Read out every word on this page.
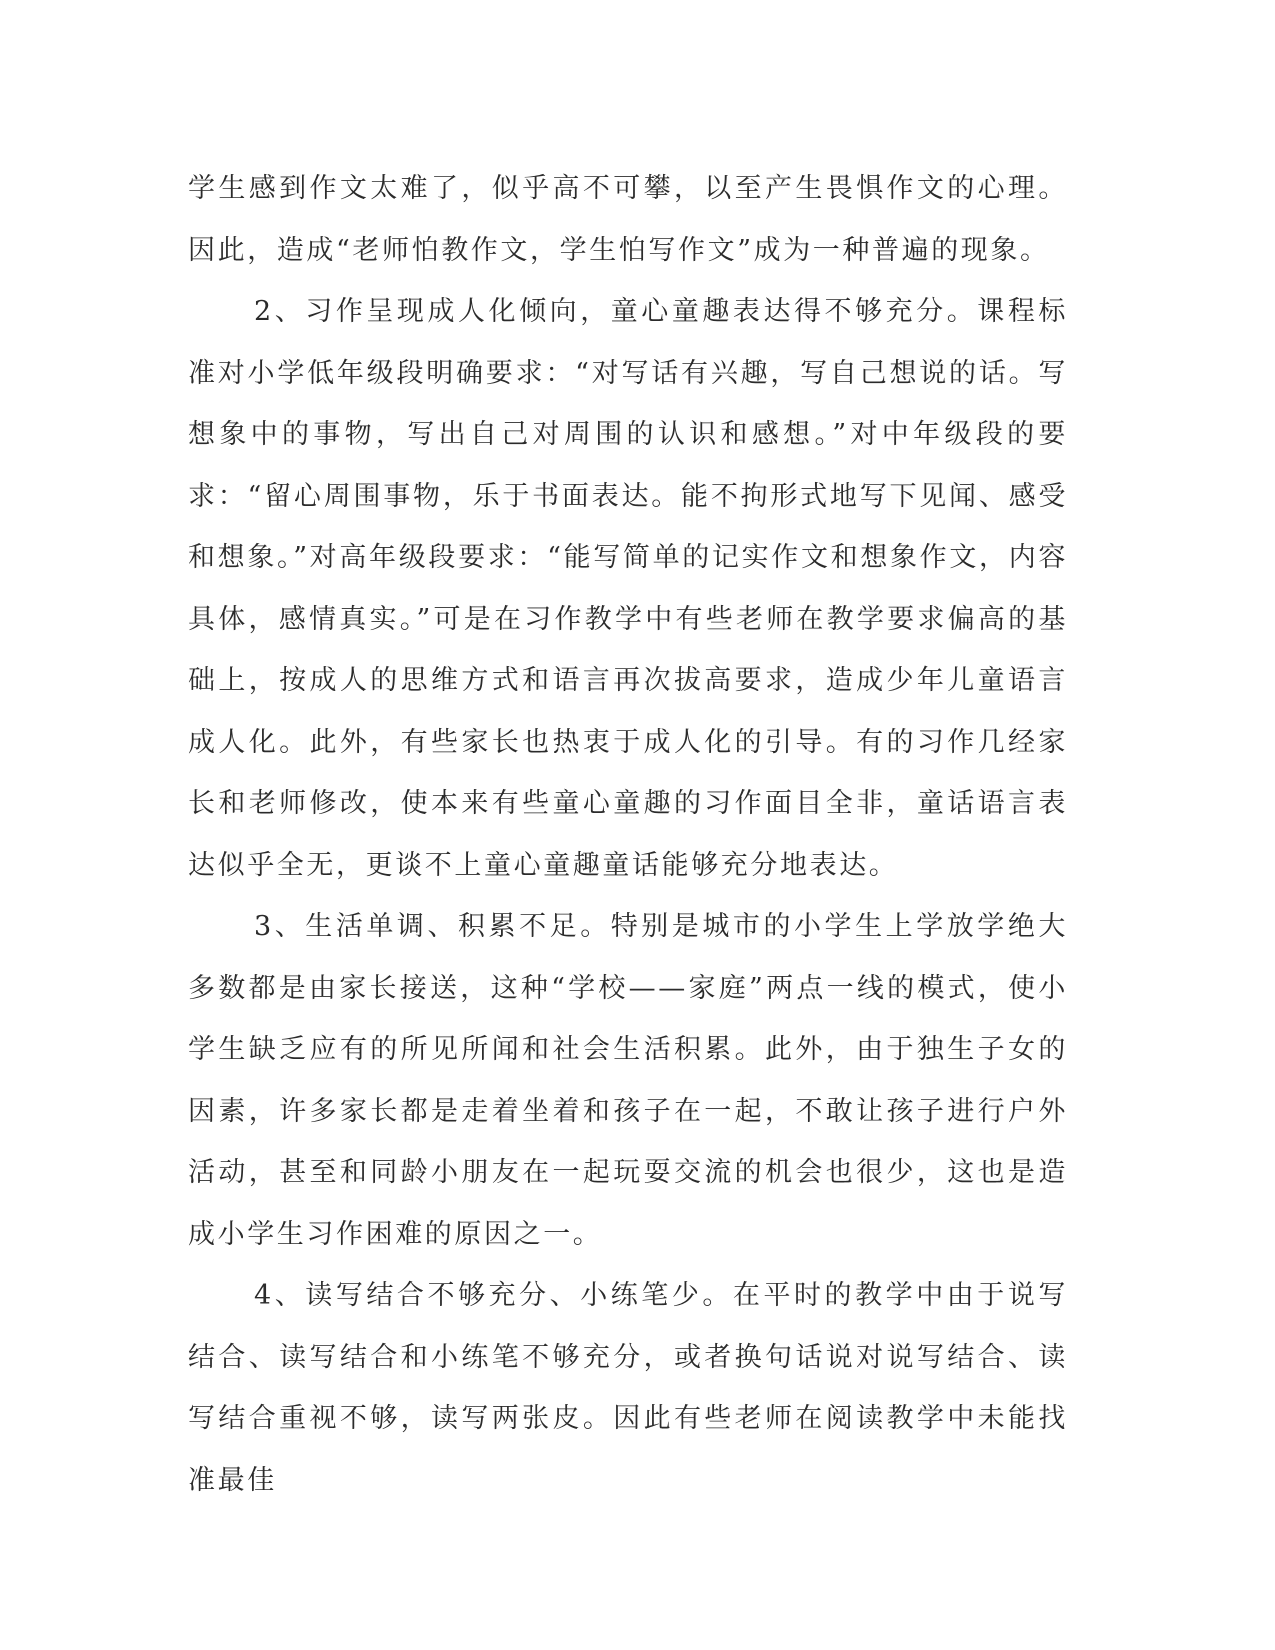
学生感到作文太难了，似乎高不可攀，以至产生畏惧作文的心理。因此，造成“老师怕教作文，学生怕写作文”成为一种普遍的现象。

2、习作呈现成人化倾向，童心童趣表达得不够充分。课程标准对小学低年级段明确要求：“对写话有兴趣，写自己想说的话。写想象中的事物，写出自己对周围的认识和感想。”对中年级段的要求：“留心周围事物，乐于书面表达。能不拘形式地写下见闻、感受和想象。”对高年级段要求：“能写简单的记实作文和想象作文，内容具体，感情真实。”可是在习作教学中有些老师在教学要求偏高的基础上，按成人的思维方式和语言再次拔高要求，造成少年儿童语言成人化。此外，有些家长也热衷于成人化的引导。有的习作几经家长和老师修改，使本来有些童心童趣的习作面目全非，童话语言表达似乎全无，更谈不上童心童趣童话能够充分地表达。

3、生活单调、积累不足。特别是城市的小学生上学放学绝大多数都是由家长接送，这种“学校——家庭”两点一线的模式，使小学生缺乏应有的所见所闻和社会生活积累。此外，由于独生子女的因素，许多家长都是走着坐着和孩子在一起，不敢让孩子进行户外活动，甚至和同龄小朋友在一起玩耍交流的机会也很少，这也是造成小学生习作困难的原因之一。

4、读写结合不够充分、小练笔少。在平时的教学中由于说写结合、读写结合和小练笔不够充分，或者换句话说对说写结合、读写结合重视不够，读写两张皮。因此有些老师在阅读教学中未能找准最佳
